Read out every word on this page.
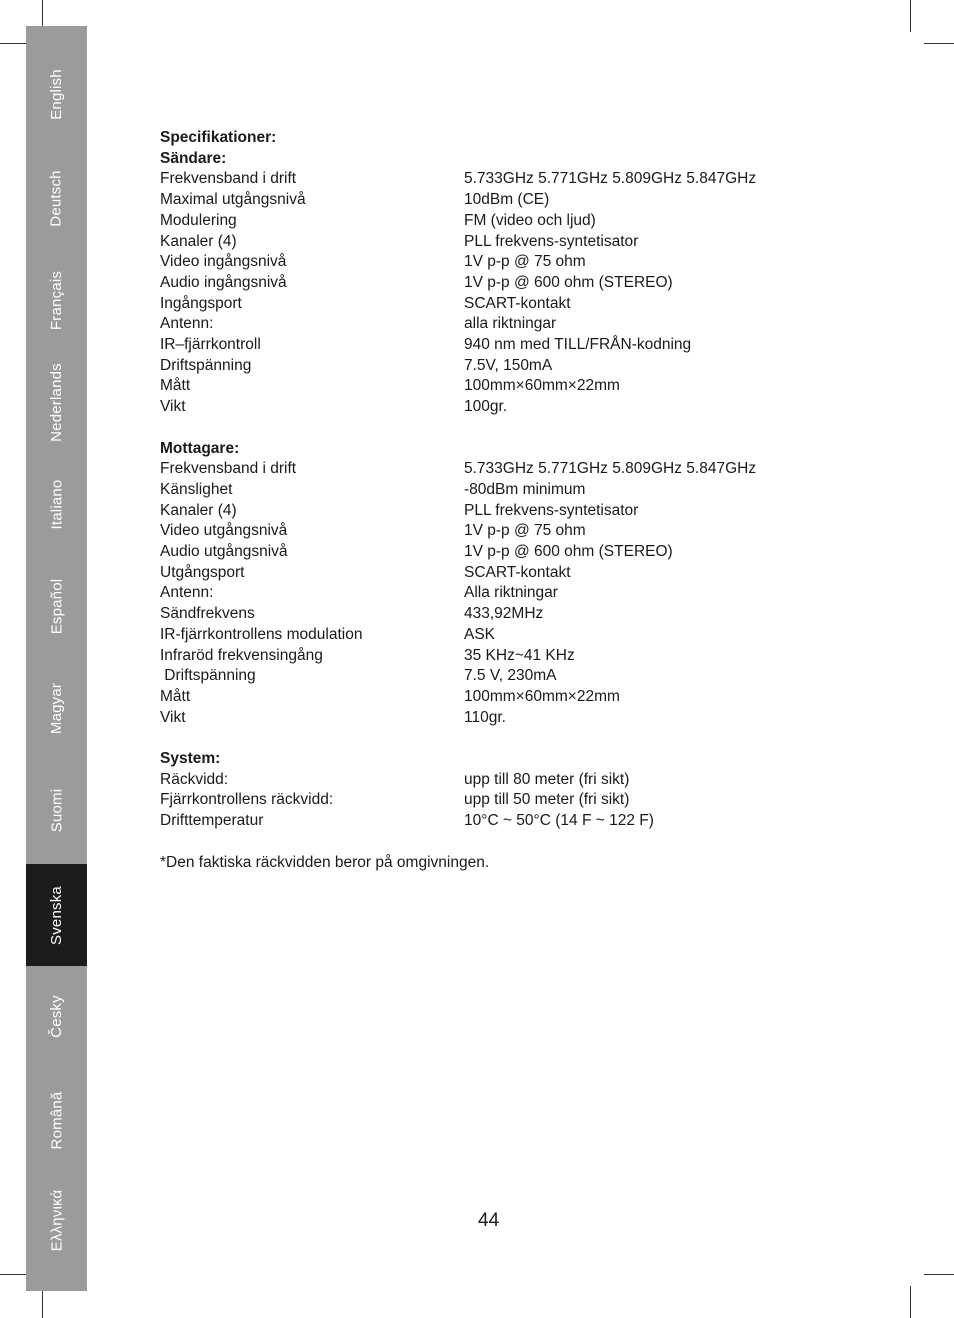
English
Deutsch
Français
Nederlands
Italiano
Español
Magyar
Suomi
Svenska
Česky
Română
Ελληνικά
Specifikationer:
Sändare:
Frekvensband i drift	5.733GHz 5.771GHz 5.809GHz 5.847GHz
Maximal utgångsnivå	10dBm (CE)
Modulering	FM (video och ljud)
Kanaler (4)	PLL frekvens-syntetisator
Video ingångsnivå	1V p-p @ 75 ohm
Audio ingångsnivå	1V p-p @ 600 ohm (STEREO)
Ingångsport	SCART-kontakt
Antenn:	alla riktningar
IR–fjärrkontroll	940 nm med TILL/FRÅN-kodning
Driftspänning	7.5V, 150mA
Mått	100mm×60mm×22mm
Vikt	100gr.
Mottagare:
Frekvensband i drift	5.733GHz 5.771GHz 5.809GHz 5.847GHz
Känslighet	-80dBm minimum
Kanaler (4)	PLL frekvens-syntetisator
Video utgångsnivå	1V p-p @ 75 ohm
Audio utgångsnivå	1V p-p @ 600 ohm (STEREO)
Utgångsport	SCART-kontakt
Antenn:	Alla riktningar
Sändfrekvens	433,92MHz
IR-fjärrkontrollens modulation	ASK
Infraröd frekvensingång	35 KHz~41 KHz
Driftspänning	7.5 V, 230mA
Mått	100mm×60mm×22mm
Vikt	110gr.
System:
Räckvidd:	upp till 80 meter (fri sikt)
Fjärrkontrollens räckvidd:	upp till 50 meter (fri sikt)
Drifttemperatur	10°C ~ 50°C (14 F ~ 122 F)
*Den faktiska räckvidden beror på omgivningen.
44
